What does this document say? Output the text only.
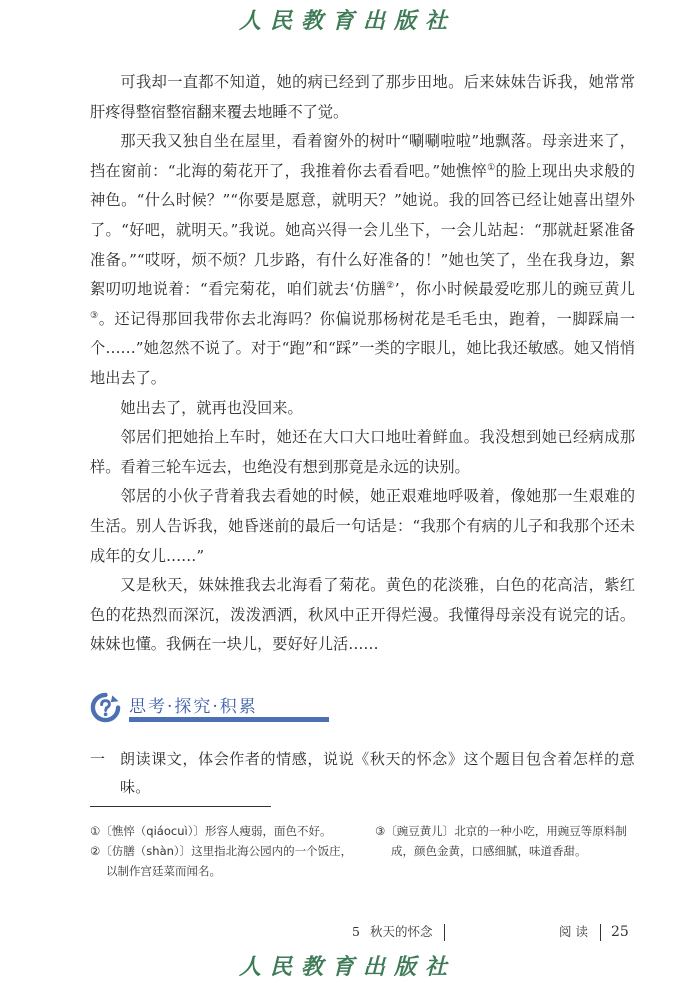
人民教育出版社

可我却一直都不知道，她的病已经到了那步田地。后来妹妹告诉我，她常常肝疼得整宿整宿翻来覆去地睡不了觉。

那天我又独自坐在屋里，看着窗外的树叶“唰唰啦啦”地飘落。母亲进来了，挡在窗前：“北海的菊花开了，我推着你去看看吧。”她憔悴①的脸上现出央求般的神色。“什么时候？”“你要是愿意，就明天？”她说。我的回答已经让她喜出望外了。“好吧，就明天。”我说。她高兴得一会儿坐下，一会儿站起：“那就赶紧准备准备。”“哎呀，烦不烦？几步路，有什么好准备的！”她也笑了，坐在我身边，絮絮叨叨地说着：“看完菊花，咱们就去‘仿膳②’，你小时候最爱吃那儿的豌豆黄儿③。还记得那回我带你去北海吗？你偏说那杨树花是毛毛虫，跑着，一脚踩扁一个……”她忽然不说了。对于“跑”和“踩”一类的字眼儿，她比我还敏感。她又悄悄地出去了。

她出去了，就再也没回来。

邻居们把她抬上车时，她还在大口大口地吐着鲜血。我没想到她已经病成那样。看着三轮车远去，也绝没有想到那竟是永远的诀别。

邻居的小伙子背着我去看她的时候，她正艰难地呼吸着，像她那一生艰难的生活。别人告诉我，她昏迷前的最后一句话是：“我那个有病的儿子和我那个还未成年的女儿……”

又是秋天，妹妹推我去北海看了菊花。黄色的花淡雅，白色的花高洁，紫红色的花热烈而深沉，泼泼洒洒，秋风中正开得烂漫。我懂得母亲没有说完的话。妹妹也懂。我俩在一块儿，要好好儿活……

思考·探究·积累
一 朗读课文，体会作者的情感，说说《秋天的怀念》这个题目包含着怎样的意味。

①〔憔悴（qiáocuì）〕形容人瘦弱，面色不好。

②〔仿膳（shàn）〕这里指北海公园内的一个饭庄，以制作宫廷菜而闻名。

③〔豌豆黄儿〕北京的一种小吃，用豌豆等原料制成，颜色金黄，口感细腻，味道香甜。

5 秋天的怀念	阅 读 25
人民教育出版社
